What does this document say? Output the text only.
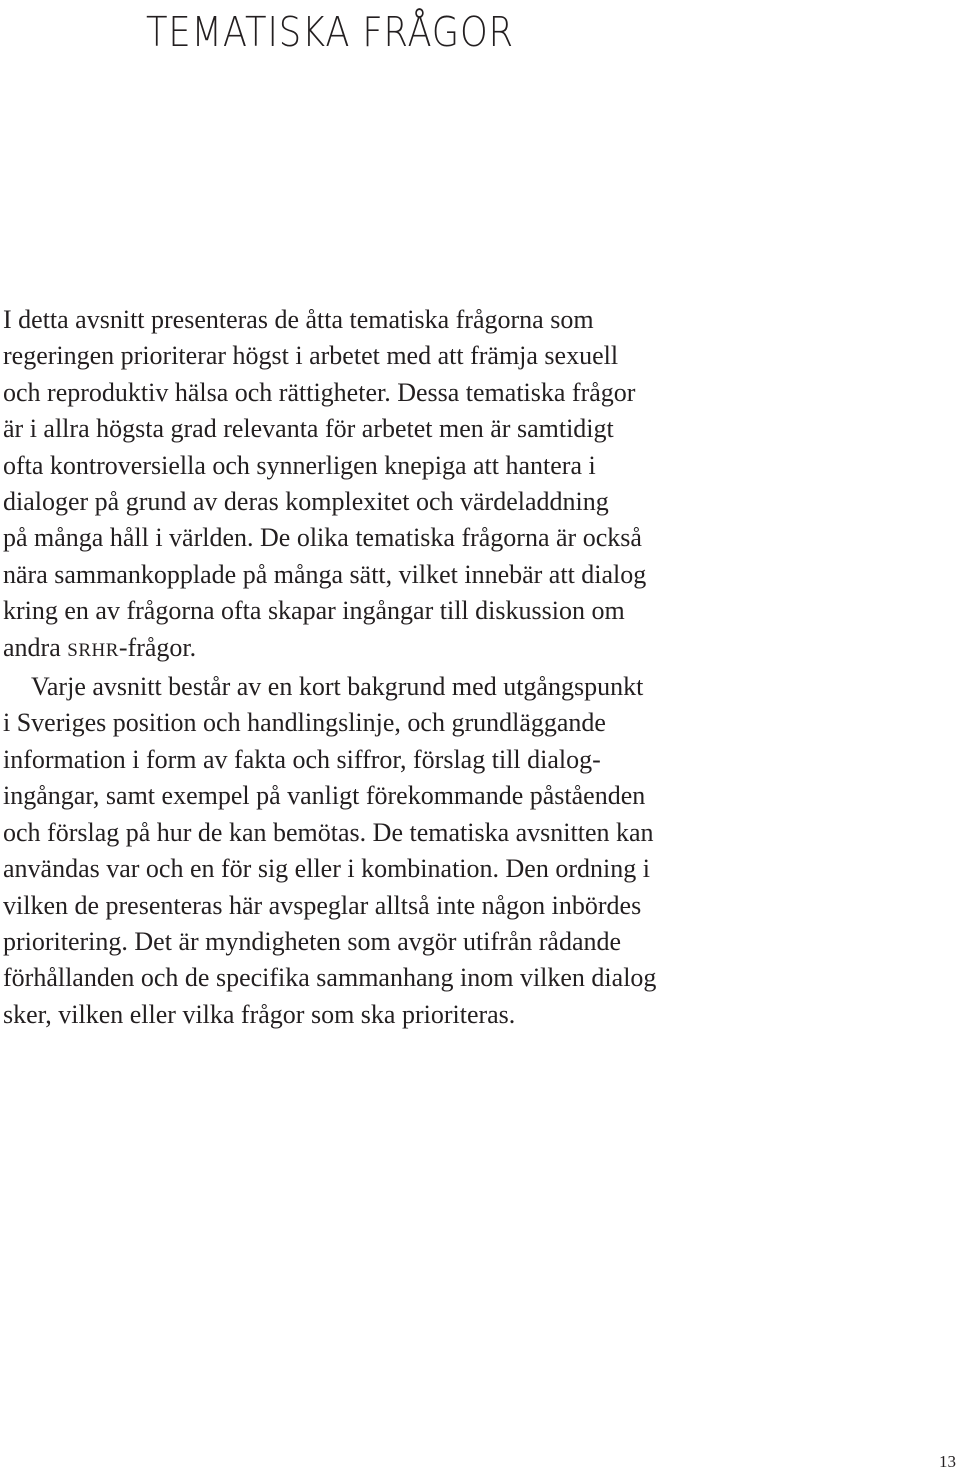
TEMATISKA FRÅGOR
I detta avsnitt presenteras de åtta tematiska frågorna som
regeringen prioriterar högst i arbetet med att främja sexuell
och reproduktiv hälsa och rättigheter. Dessa tematiska frågor
är i allra högsta grad relevanta för arbetet men är samtidigt
ofta kontroversiella och synnerligen knepiga att hantera i
dialoger på grund av deras komplexitet och värdeladdning
på många håll i världen. De olika tematiska frågorna är också
nära sammankopplade på många sätt, vilket innebär att dialog
kring en av frågorna ofta skapar ingångar till diskussion om
andra SRHR-frågor.
Varje avsnitt består av en kort bakgrund med utgångspunkt
i Sveriges position och handlingslinje, och grundläggande
information i form av fakta och siffror, förslag till dialog-
ingångar, samt exempel på vanligt förekommande påståenden
och förslag på hur de kan bemötas. De tematiska avsnitten kan
användas var och en för sig eller i kombination. Den ordning i
vilken de presenteras här avspeglar alltså inte någon inbördes
prioritering. Det är myndigheten som avgör utifrån rådande
förhållanden och de specifika sammanhang inom vilken dialog
sker, vilken eller vilka frågor som ska prioriteras.
13
